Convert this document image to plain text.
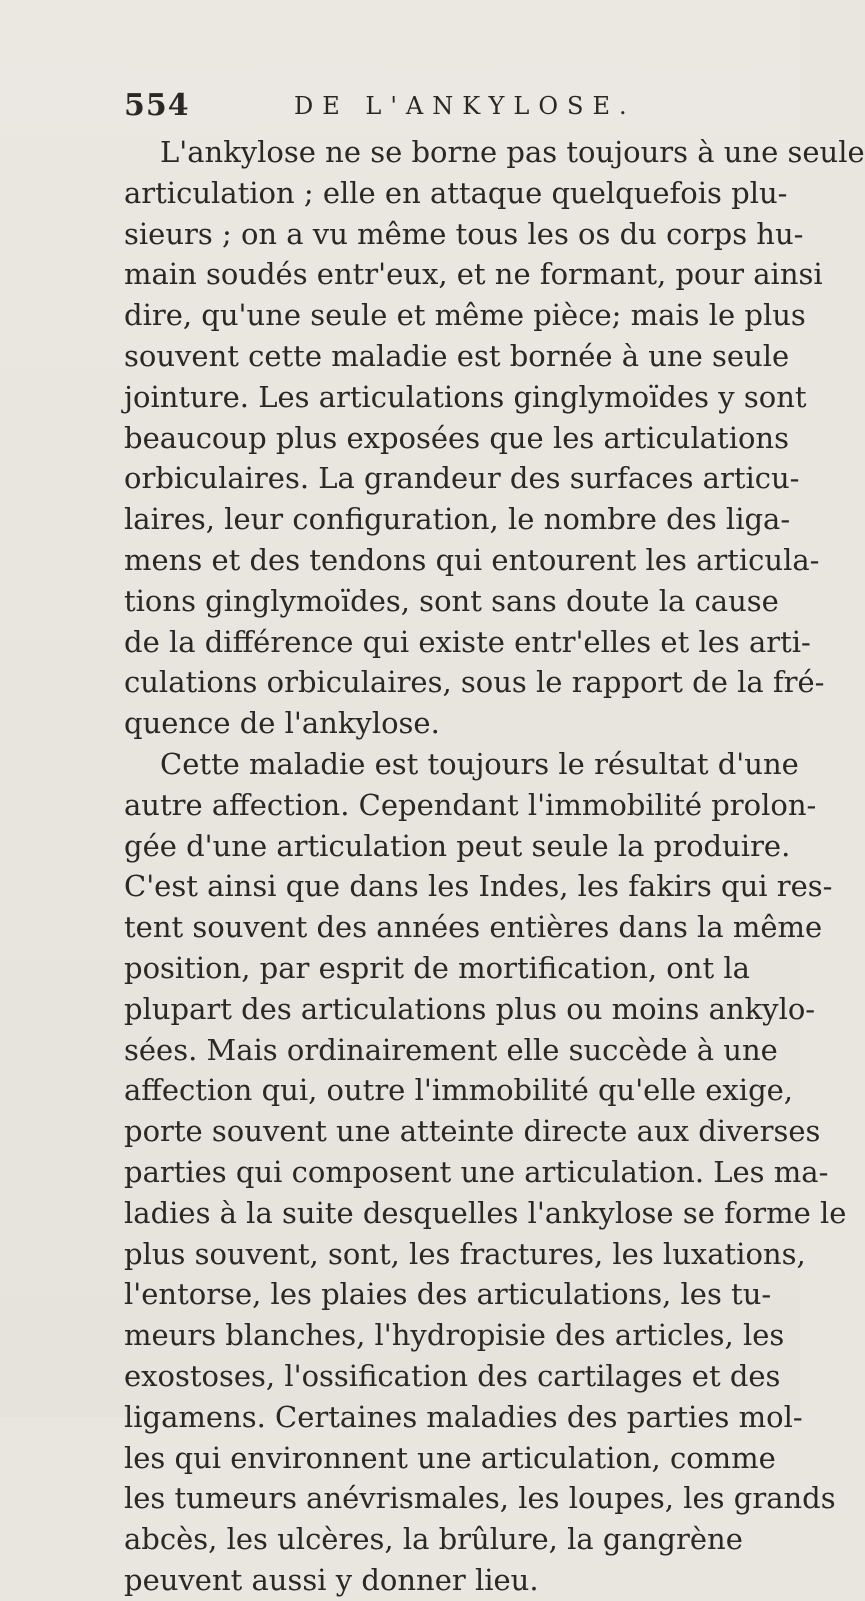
554	DE L'ANKYLOSE.
L'ankylose ne se borne pas toujours à une seule
articulation ; elle en attaque quelquefois plu-
sieurs ; on a vu même tous les os du corps hu-
main soudés entr'eux, et ne formant, pour ainsi
dire, qu'une seule et même pièce; mais le plus
souvent cette maladie est bornée à une seule
jointure. Les articulations ginglymoïdes y sont
beaucoup plus exposées que les articulations
orbiculaires. La grandeur des surfaces articu-
laires, leur configuration, le nombre des liga-
mens et des tendons qui entourent les articula-
tions ginglymoïdes, sont sans doute la cause
de la différence qui existe entr'elles et les arti-
culations orbiculaires, sous le rapport de la fré-
quence de l'ankylose.
Cette maladie est toujours le résultat d'une
autre affection. Cependant l'immobilité prolon-
gée d'une articulation peut seule la produire.
C'est ainsi que dans les Indes, les fakirs qui res-
tent souvent des années entières dans la même
position, par esprit de mortification, ont la
plupart des articulations plus ou moins ankylo-
sées. Mais ordinairement elle succède à une
affection qui, outre l'immobilité qu'elle exige,
porte souvent une atteinte directe aux diverses
parties qui composent une articulation. Les ma-
ladies à la suite desquelles l'ankylose se forme le
plus souvent, sont, les fractures, les luxations,
l'entorse, les plaies des articulations, les tu-
meurs blanches, l'hydropisie des articles, les
exostoses, l'ossification des cartilages et des
ligamens. Certaines maladies des parties mol-
les qui environnent une articulation, comme
les tumeurs anévrismales, les loupes, les grands
abcès, les ulcères, la brûlure, la gangrène
peuvent aussi y donner lieu.
